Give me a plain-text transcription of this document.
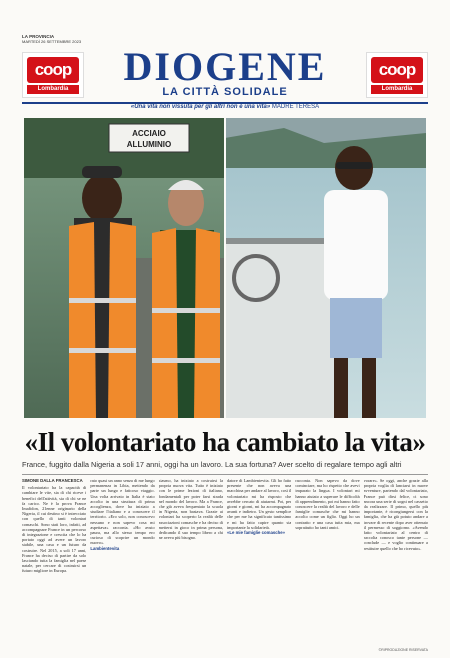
LA PROVINCIA
MARTEDÌ 26 SETTEMBRE 2023
coop
Lombardia
coop
Lombardia
DIOGENE
LA CITTÀ SOLIDALE
«Una vita non vissuta per gli altri non è una vita» MADRE TERESA
ACCIAIO
ALLUMINIO
«Il volontariato ha cambiato la vita»
France, fuggito dalla Nigeria a soli 17 anni, oggi ha un lavoro. La sua fortuna? Aver scelto di regalare tempo agli altri
SIMONE DALLA FRANCESCA

Il volontariato ha la capacità di cambiare le vite, sia di chi riceve i benefici dell'attività, sia di chi se ne fa carico. Ne è la prova France Imafidon, 21enne originario della Nigeria, il cui destino si è intrecciato con quello di tanti volontari comaschi. Sono stati loro, infatti, ad accompagnare France in un percorso di integrazione e crescita che lo ha portato oggi ad avere un lavoro stabile, una casa e un futuro da costruire. Nel 2015, a soli 17 anni, France ha deciso di partire da solo lasciando tutta la famiglia nel paese natale, per cercare di costruirsi un futuro migliore in Europa.

rato quasi un anno senza di me lungo permanenza in Libia, mettendo da parte un lungo e faticoso viaggio. Una volta arrivato in Italia è stato accolto in una struttura di prima accoglienza, dove ha iniziato a studiare l'italiano e a conoscere il territorio. «Ero solo, non conoscevo nessuno e non sapevo cosa mi aspettava» racconta. «Ho avuto paura, ma allo stesso tempo ero curioso di scoprire un mondo nuovo».

Lambientevita

siasmo, ha iniziato a costruirsi la propria nuova vita. Tutto è iniziato con le prime lezioni di italiano, fondamentali per poter farsi strada nel mondo del lavoro. Ma a France, che già aveva frequentato la scuola in Nigeria, non bastava. Grazie ai volontari ha scoperto la realtà delle associazioni comasche e ha deciso di mettersi in gioco in prima persona, dedicando il suo tempo libero a chi ne aveva più bisogno.

datore di Lambientevita. Gli ho fatto presente che non aveva una macchina per andare al lavoro, così il volontariato mi ha risposto che avrebbe cercato di aiutarmi. Poi, per giorni e giorni, mi ha accompagnato avanti e indietro. Un gesto semplice che per me ha significato tantissimo e mi ha fatto capire quanto sia importante la solidarietà.

«Le mie famiglie comasche»

racconta. Non sapevo da dove cominciare, ma ho rispetto che avevi imparato la lingua. I volontari mi hanno aiutato a superare le difficoltà di apprendimento, poi mi hanno fatto conoscere la realtà del lavoro e delle famiglie comasche che mi hanno accolto come un figlio. Oggi ho un contratto e una casa tutta mia, ma soprattutto ho tanti amici.

vorare». Se oggi, anche grazie alla propria voglia di lanciarsi in nuove avventure, partendo dal volontariato, France può dirsi felice, ci sono ancora una serie di sogni nel cassetto da realizzare. Il primo, quello più importante, è ricongiungersi con la famiglia, che ha già potuto andare a trovare di recente dopo aver ottenuto il permesso di soggiorno. «Avendo fatto volontariato al centro di raccolta conosco tante persone — conclude — e voglio continuare a restituire quello che ho ricevuto».

©RIPRODUZIONE RISERVATA
